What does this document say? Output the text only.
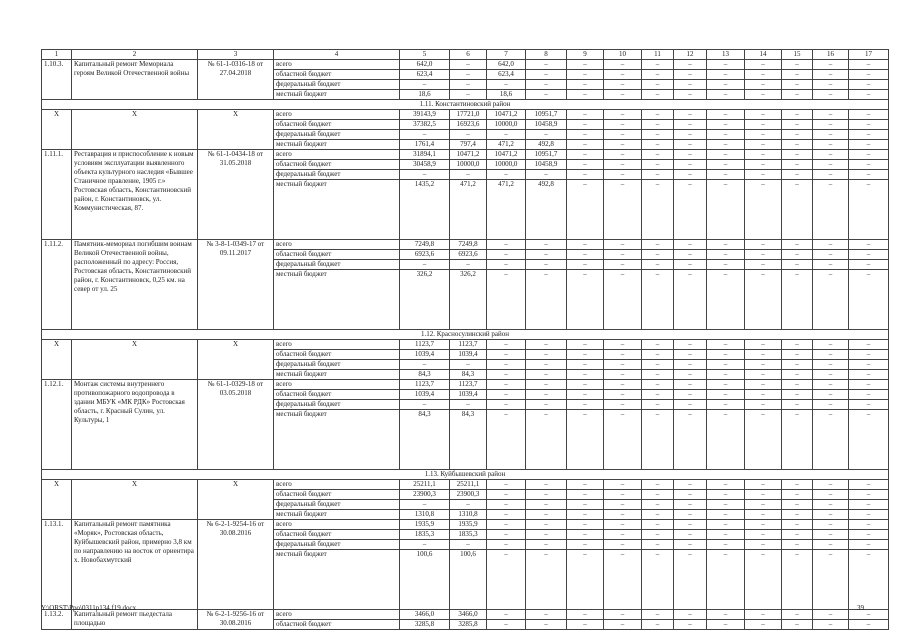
1	2	3	4	5	6	7	8	9	10	11	12	13	14	15	16	17
1.10.3.	Капитальный ремонт Мемориала героям Великой Отечественной войны	№ 61-1-0316-18 от 27.04.2018	всего	642,0	–	642,0	–	–	–	–	–	–	–	–	–	–
			областной бюджет	623,4	–	623,4	–	–	–	–	–	–	–	–	–	–
			федеральный бюджет	–	–	–	–	–	–	–	–	–	–	–	–	–
			местный бюджет	18,6	–	18,6	–	–	–	–	–	–	–	–	–	–
1.11. Константиновский район																
Х	Х	Х	всего	39143,9	17721,0	10471,2	10951,7	–	–	–	–	–	–	–	–	–
			областной бюджет	37382,5	16923,6	10000,0	10458,9	–	–	–	–	–	–	–	–	–
			федеральный бюджет	–	–	–	–	–	–	–	–	–	–	–	–	–
			местный бюджет	1761,4	797,4	471,2	492,8	–	–	–	–	–	–	–	–	–
1.11.1.	Реставрация и приспособление к новым условиям эксплуатации выявленного объекта культурного наследия «Бывшее Станичное правление, 1905 г.» Ростовская область, Константиновский район, г. Константиновск, ул. Коммунистическая, 87.	№ 61-1-0434-18 от 31.05.2018	всего	31894,1	10471,2	10471,2	10951,7	–	–	–	–	–	–	–	–	–
			областной бюджет	30458,9	10000,0	10000,0	10458,9	–	–	–	–	–	–	–	–	–
			федеральный бюджет	–	–	–	–	–	–	–	–	–	–	–	–	–
			местный бюджет	1435,2	471,2	471,2	492,8	–	–	–	–	–	–	–	–	–
1.11.2.	Памятник-мемориал погибшим воинам Великой Отечественной войны, расположенный по адресу: Россия, Ростовская область, Константиновский район, г. Константиновск, 0,25 км. на север от ул. 25	№ 3-8-1-0349-17 от 09.11.2017	всего	7249,8	7249,8	–	–	–	–	–	–	–	–	–	–	–
			областной бюджет	6923,6	6923,6	–	–	–	–	–	–	–	–	–	–	–
			федеральный бюджет	–	–	–	–	–	–	–	–	–	–	–	–	–
			местный бюджет	326,2	326,2	–	–	–	–	–	–	–	–	–	–	–
1.12. Красносулинский район																
Х	Х	Х	всего	1123,7	1123,7	–	–	–	–	–	–	–	–	–	–	–
			областной бюджет	1039,4	1039,4	–	–	–	–	–	–	–	–	–	–	–
			федеральный бюджет	–	–	–	–	–	–	–	–	–	–	–	–	–
			местный бюджет	84,3	84,3	–	–	–	–	–	–	–	–	–	–	–
1.12.1.	Монтаж системы внутреннего противопожарного водопровода в здании МБУК «МК РДК» Ростовская область, г. Красный Сулин, ул. Культуры, 1	№ 61-1-0329-18 от 03.05.2018	всего	1123,7	1123,7	–	–	–	–	–	–	–	–	–	–	–
			областной бюджет	1039,4	1039,4	–	–	–	–	–	–	–	–	–	–	–
			федеральный бюджет	–	–	–	–	–	–	–	–	–	–	–	–	–
			местный бюджет	84,3	84,3	–	–	–	–	–	–	–	–	–	–	–
1.13. Куйбышевский район																
Х	Х	Х	всего	25211,1	25211,1	–	–	–	–	–	–	–	–	–	–	–
			областной бюджет	23900,3	23900,3	–	–	–	–	–	–	–	–	–	–	–
			федеральный бюджет	–	–	–	–	–	–	–	–	–	–	–	–	–
			местный бюджет	1310,8	1310,8	–	–	–	–	–	–	–	–	–	–	–
1.13.1.	Капитальный ремонт памятника «Моряк», Ростовская область, Куйбышевский район, примерно 3,8 км по направлению на восток от ориентира х. Новобахмутский	№ 6-2-1-9254-16 от 30.08.2016	всего	1935,9	1935,9	–	–	–	–	–	–	–	–	–	–	–
			областной бюджет	1835,3	1835,3	–	–	–	–	–	–	–	–	–	–	–
			федеральный бюджет	–	–	–	–	–	–	–	–	–	–	–	–	–
			местный бюджет	100,6	100,6	–	–	–	–	–	–	–	–	–	–	–
1.13.2.	Капитальный ремонт пьедестала площадью	№ 6-2-1-9256-16 от 30.08.2016	всего	3466,0	3466,0	–	–	–	–	–	–	–	–	–	–	–
			областной бюджет	3285,8	3285,8	–	–	–	–	–	–	–	–	–	–	–
Y:\ORST\Ppo\0311p134.f19.docx	39
